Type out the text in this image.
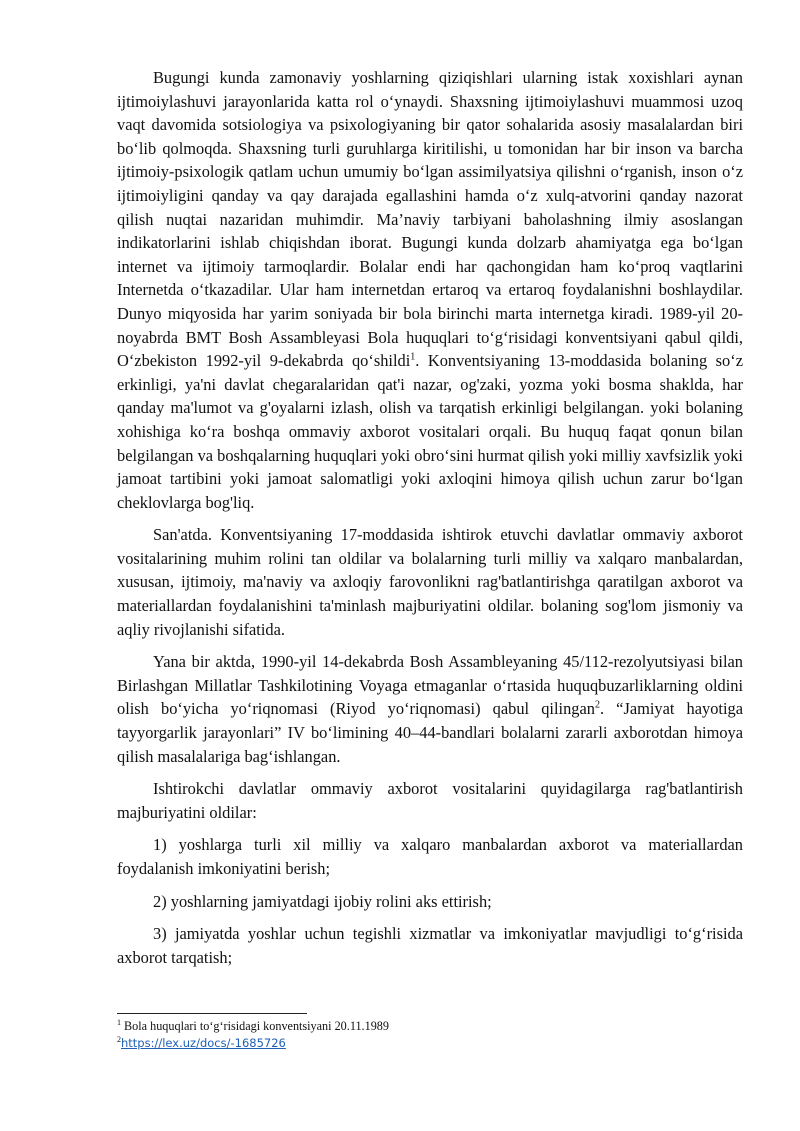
Bugungi kunda zamonaviy yoshlarning qiziqishlari ularning istak xoxishlari aynan ijtimoiylashuvi jarayonlarida katta rol o‘ynaydi. Shaxsning ijtimoiylashuvi muammosi uzoq vaqt davomida sotsiologiya va psixologiyaning bir qator sohalarida asosiy masalalardan biri bo‘lib qolmoqda. Shaxsning turli guruhlarga kiritilishi, u tomonidan har bir inson va barcha ijtimoiy-psixologik qatlam uchun umumiy bo‘lgan assimilyatsiya qilishni o‘rganish, inson o‘z ijtimoiyligini qanday va qay darajada egallashini hamda o‘z xulq-atvorini qanday nazorat qilish nuqtai nazaridan muhimdir. Ma’naviy tarbiyani baholashning ilmiy asoslangan indikatorlarini ishlab chiqishdan iborat. Bugungi kunda dolzarb ahamiyatga ega bo‘lgan internet va ijtimoiy tarmoqlardir. Bolalar endi har qachongidan ham ko‘proq vaqtlarini Internetda o‘tkazadilar. Ular ham internetdan ertaroq va ertaroq foydalanishni boshlaydilar. Dunyo miqyosida har yarim soniyada bir bola birinchi marta internetga kiradi. 1989-yil 20-noyabrda BMT Bosh Assambleyasi Bola huquqlari to‘g‘risidagi konventsiyani qabul qildi, O‘zbekiston 1992-yil 9-dekabrda qo‘shildi$^1$. Konventsiyaning 13-moddasida bolaning so‘z erkinligi, ya'ni davlat chegaralaridan qat'i nazar, og'zaki, yozma yoki bosma shaklda, har qanday ma'lumot va g'oyalarni izlash, olish va tarqatish erkinligi belgilangan. yoki bolaning xohishiga ko‘ra boshqa ommaviy axborot vositalari orqali. Bu huquq faqat qonun bilan belgilangan va boshqalarning huquqlari yoki obro‘sini hurmat qilish yoki milliy xavfsizlik yoki jamoat tartibini yoki jamoat salomatligi yoki axloqini himoya qilish uchun zarur bo‘lgan cheklovlarga bog'liq.

San'atda. Konventsiyaning 17-moddasida ishtirok etuvchi davlatlar ommaviy axborot vositalarining muhim rolini tan oldilar va bolalarning turli milliy va xalqaro manbalardan, xususan, ijtimoiy, ma'naviy va axloqiy farovonlikni rag'batlantirishga qaratilgan axborot va materiallardan foydalanishini ta'minlash majburiyatini oldilar. bolaning sog'lom jismoniy va aqliy rivojlanishi sifatida.

Yana bir aktda, 1990-yil 14-dekabrda Bosh Assambleyaning 45/112-rezolyutsiyasi bilan Birlashgan Millatlar Tashkilotining Voyaga etmaganlar o‘rtasida huquqbuzarliklarning oldini olish bo‘yicha yo‘riqnomasi (Riyod yo‘riqnomasi) qabul qilingan$^2$. “Jamiyat hayotiga tayyorgarlik jarayonlari” IV bo‘limining 40–44-bandlari bolalarni zararli axborotdan himoya qilish masalalariga bag‘ishlangan.

Ishtirokchi davlatlar ommaviy axborot vositalarini quyidagilarga rag'batlantirish majburiyatini oldilar:

1) yoshlarga turli xil milliy va xalqaro manbalardan axborot va materiallardan foydalanish imkoniyatini berish;

2) yoshlarning jamiyatdagi ijobiy rolini aks ettirish;

3) jamiyatda yoshlar uchun tegishli xizmatlar va imkoniyatlar mavjudligi to‘g‘risida axborot tarqatish;

$^1$ Bola huquqlari to‘g‘risidagi konventsiyani 20.11.1989
$^2$https://lex.uz/docs/-1685726
